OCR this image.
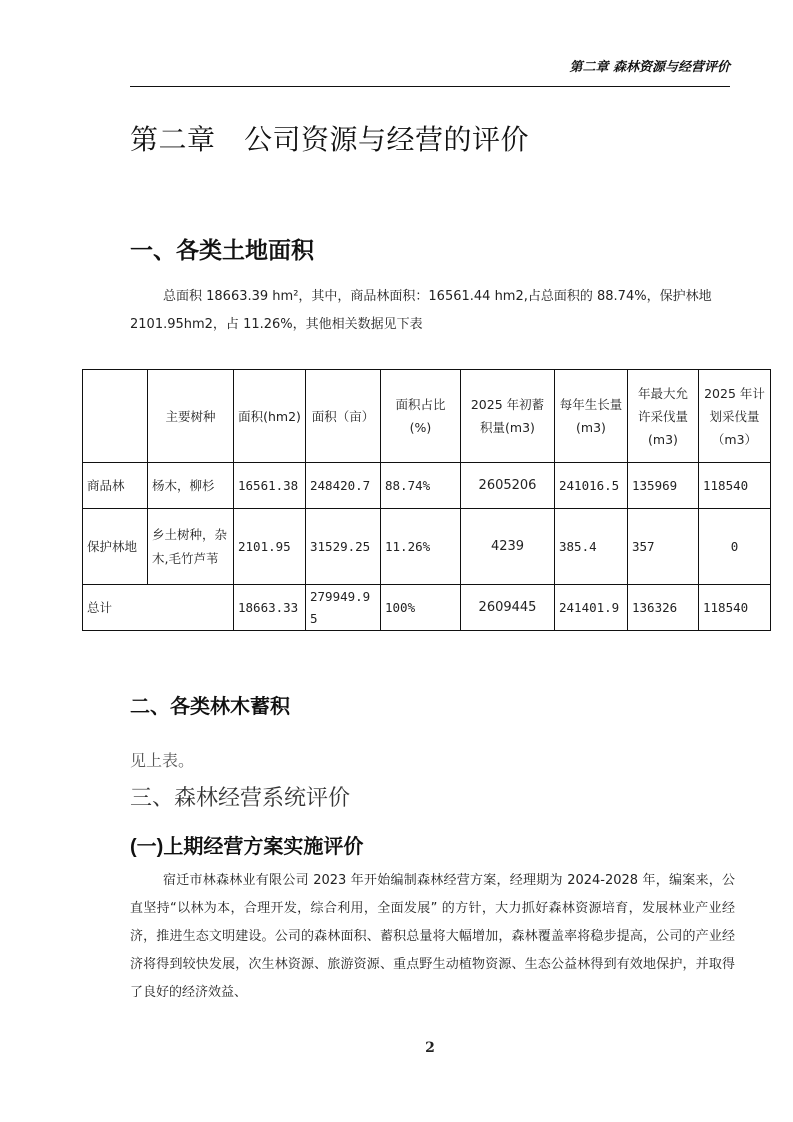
第二章 森林资源与经营评价
第二章　公司资源与经营的评价
一、各类土地面积
总面积 18663.39 hm²，其中，商品林面积：16561.44 hm2,占总面积的 88.74%，保护林地 2101.95hm2，占 11.26%，其他相关数据见下表
	主要树种	面积(hm2)	面积（亩）	面积占比(%)	2025 年初蓄积量(m3)	每年生长量(m3)	年最大允许采伐量(m3)	2025 年计划采伐量（m3）
商品林	杨木，柳杉	16561.38	248420.7	88.74%	2605206	241016.5	135969	118540
保护林地	乡土树种，杂木,毛竹芦苇	2101.95	31529.25	11.26%	4239	385.4	357	0
总计		18663.33	279949.95	100%	2609445	241401.9	136326	118540
二、各类林木蓄积
见上表。
三、森林经营系统评价
(一)上期经营方案实施评价
宿迁市林森林业有限公司 2023 年开始编制森林经营方案，经理期为 2024-2028 年，编案来，公直坚持“以林为本，合理开发，综合利用，全面发展” 的方针，大力抓好森林资源培育，发展林业产业经济，推进生态文明建设。公司的森林面积、蓄积总量将大幅增加，森林覆盖率将稳步提高，公司的产业经济将得到较快发展，次生林资源、旅游资源、重点野生动植物资源、生态公益林得到有效地保护，并取得了良好的经济效益、
2
